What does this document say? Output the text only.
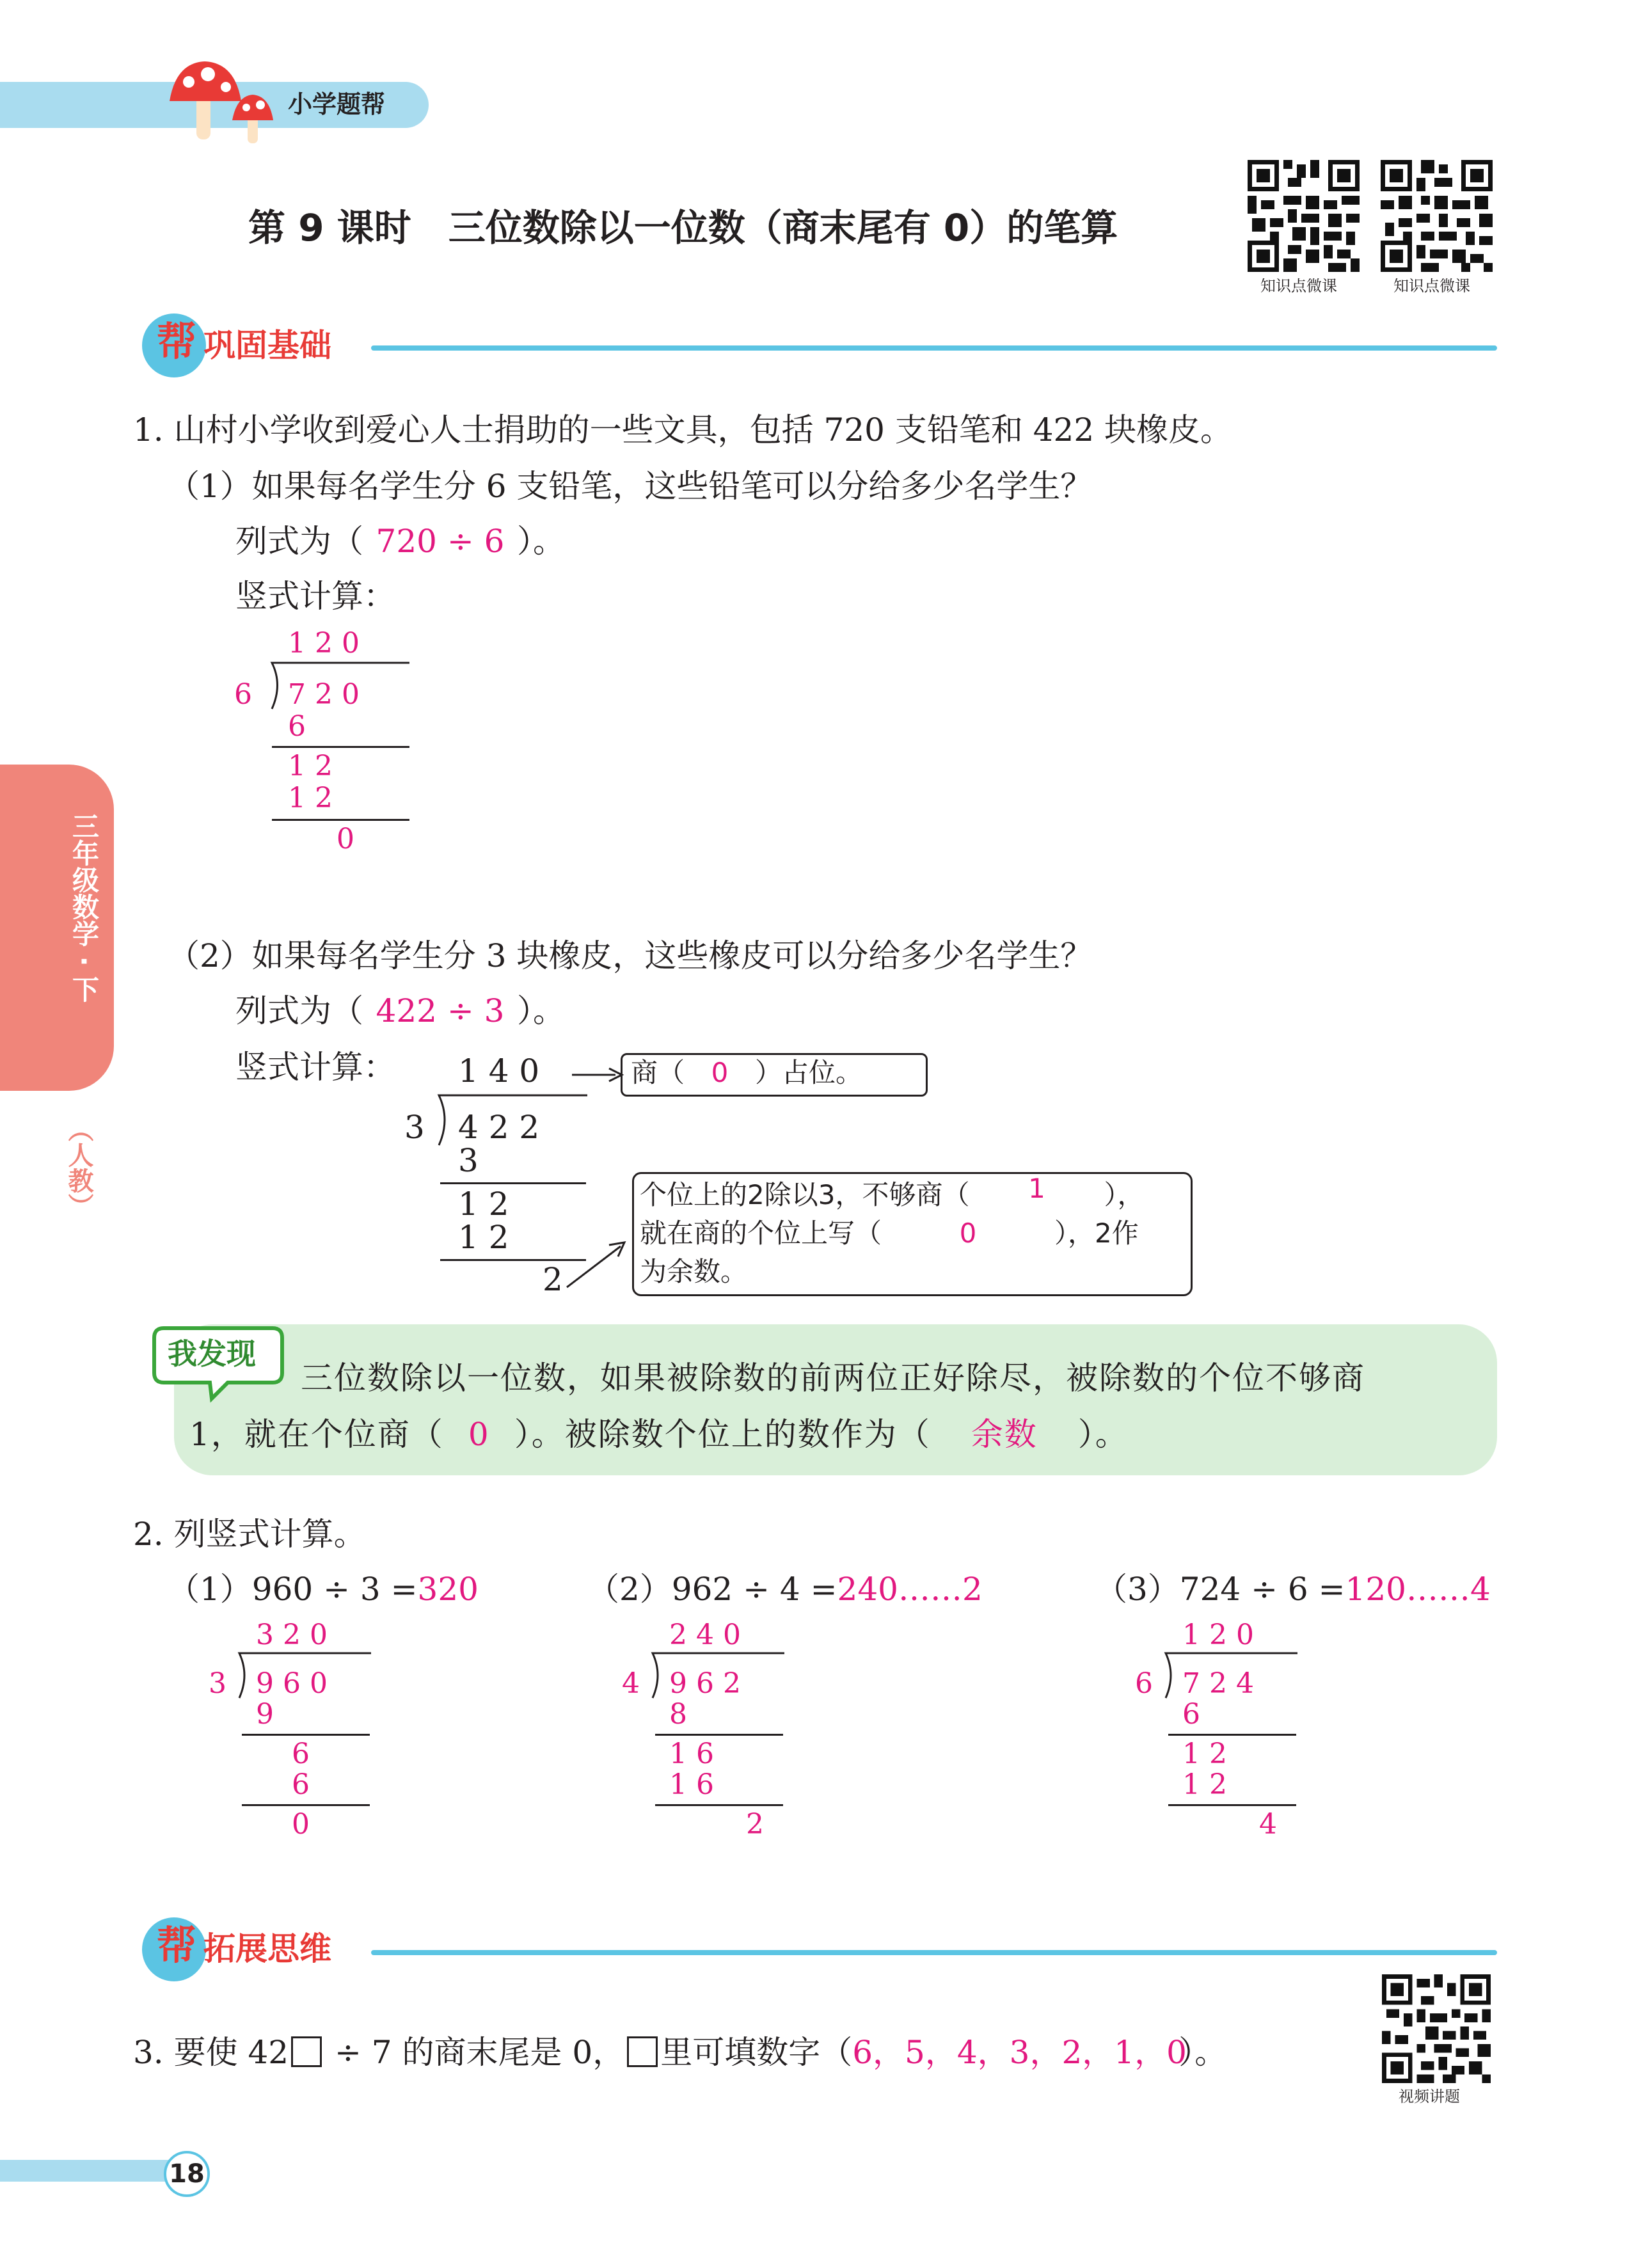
小学题帮
第 9 课时　三位数除以一位数（商末尾有 0）的笔算
知识点微课	知识点微课
三年级数学 · 下
（人教）
帮 巩固基础
1. 山村小学收到爱心人士捐助的一些文具，包括 720 支铅笔和 422 块橡皮。
（1）如果每名学生分 6 支铅笔，这些铅笔可以分给多少名学生？
列式为（ 720 ÷ 6 ）。
竖式计算：
1 2 0
6 7 2 0
6
1 2
1 2
0
（2）如果每名学生分 3 块橡皮，这些橡皮可以分给多少名学生？
列式为（ 422 ÷ 3 ）。
竖式计算： 1 4 0
3 4 2 2
3
1 2
1 2
2
商（ 0 ）占位。
个位上的2除以3，不够商（ 1 ），
就在商的个位上写（	0	），2作
为余数。
我发现
三位数除以一位数，如果被除数的前两位正好除尽，被除数的个位不够商
1，就在个位商（ 0 ）。被除数个位上的数作为（ 余数 ）。
2. 列竖式计算。
（1）960 ÷ 3 =320	（2）962 ÷ 4 =240……2	（3）724 ÷ 6 =120……4
3 2 0
3 9 6 0
9
6
6
0
2 4 0
4 9 6 2
8
1 6
1 6
2
1 2 0
6 7 2 4
6
1 2
1 2
4
帮 拓展思维
3. 要使 42 ÷ 7 的商末尾是 0， 里可填数字（6，5，4，3，2，1，0）。
视频讲题
18
